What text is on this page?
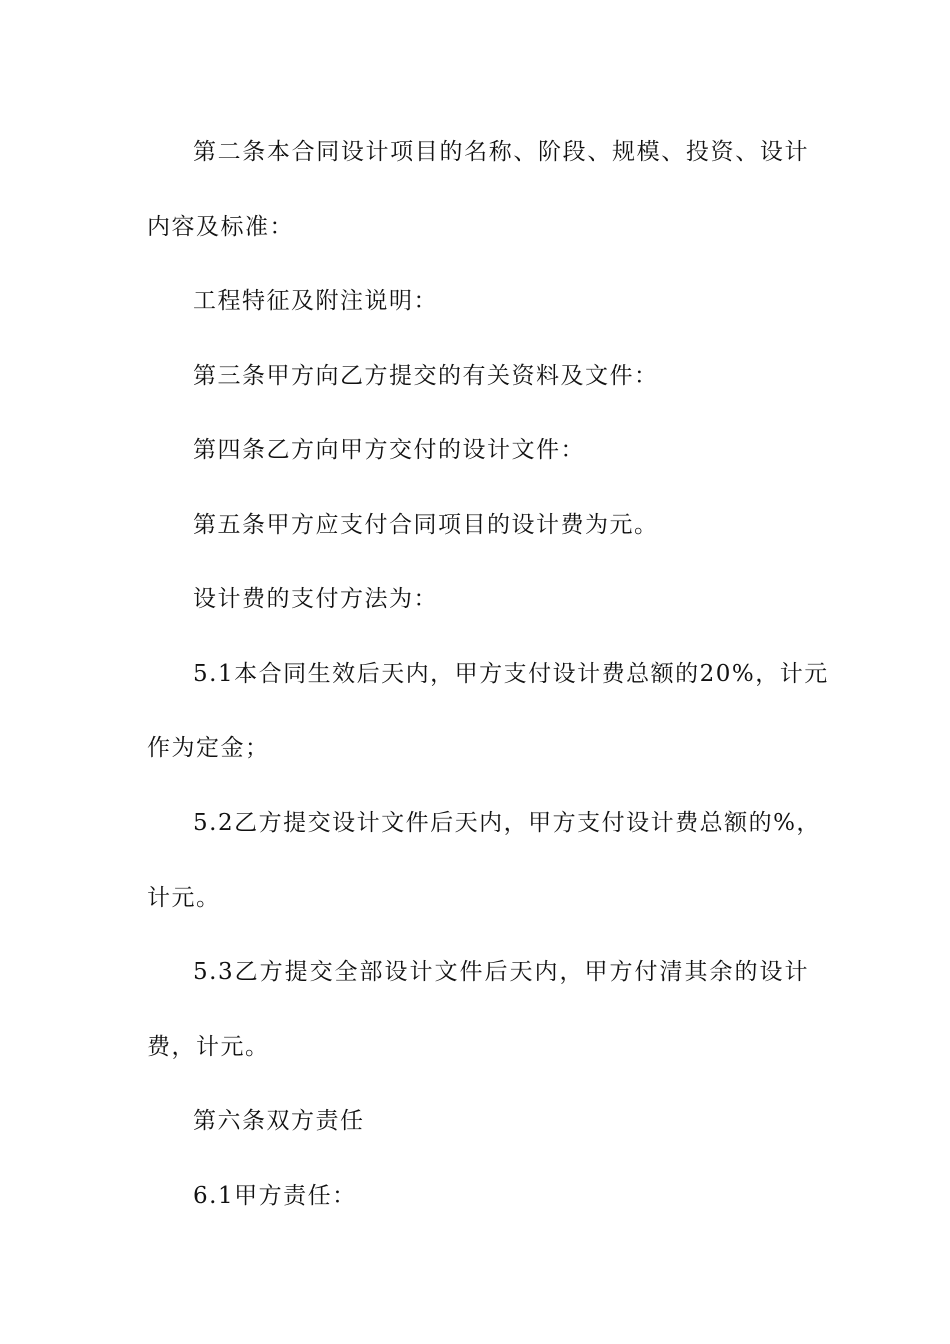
第二条本合同设计项目的名称、阶段、规模、投资、设计
内容及标准：
工程特征及附注说明：
第三条甲方向乙方提交的有关资料及文件：
第四条乙方向甲方交付的设计文件：
第五条甲方应支付合同项目的设计费为元。
设计费的支付方法为：
5.1本合同生效后天内，甲方支付设计费总额的20%，计元
作为定金；
5.2乙方提交设计文件后天内，甲方支付设计费总额的%，
计元。
5.3乙方提交全部设计文件后天内，甲方付清其余的设计
费，计元。
第六条双方责任
6.1甲方责任：
